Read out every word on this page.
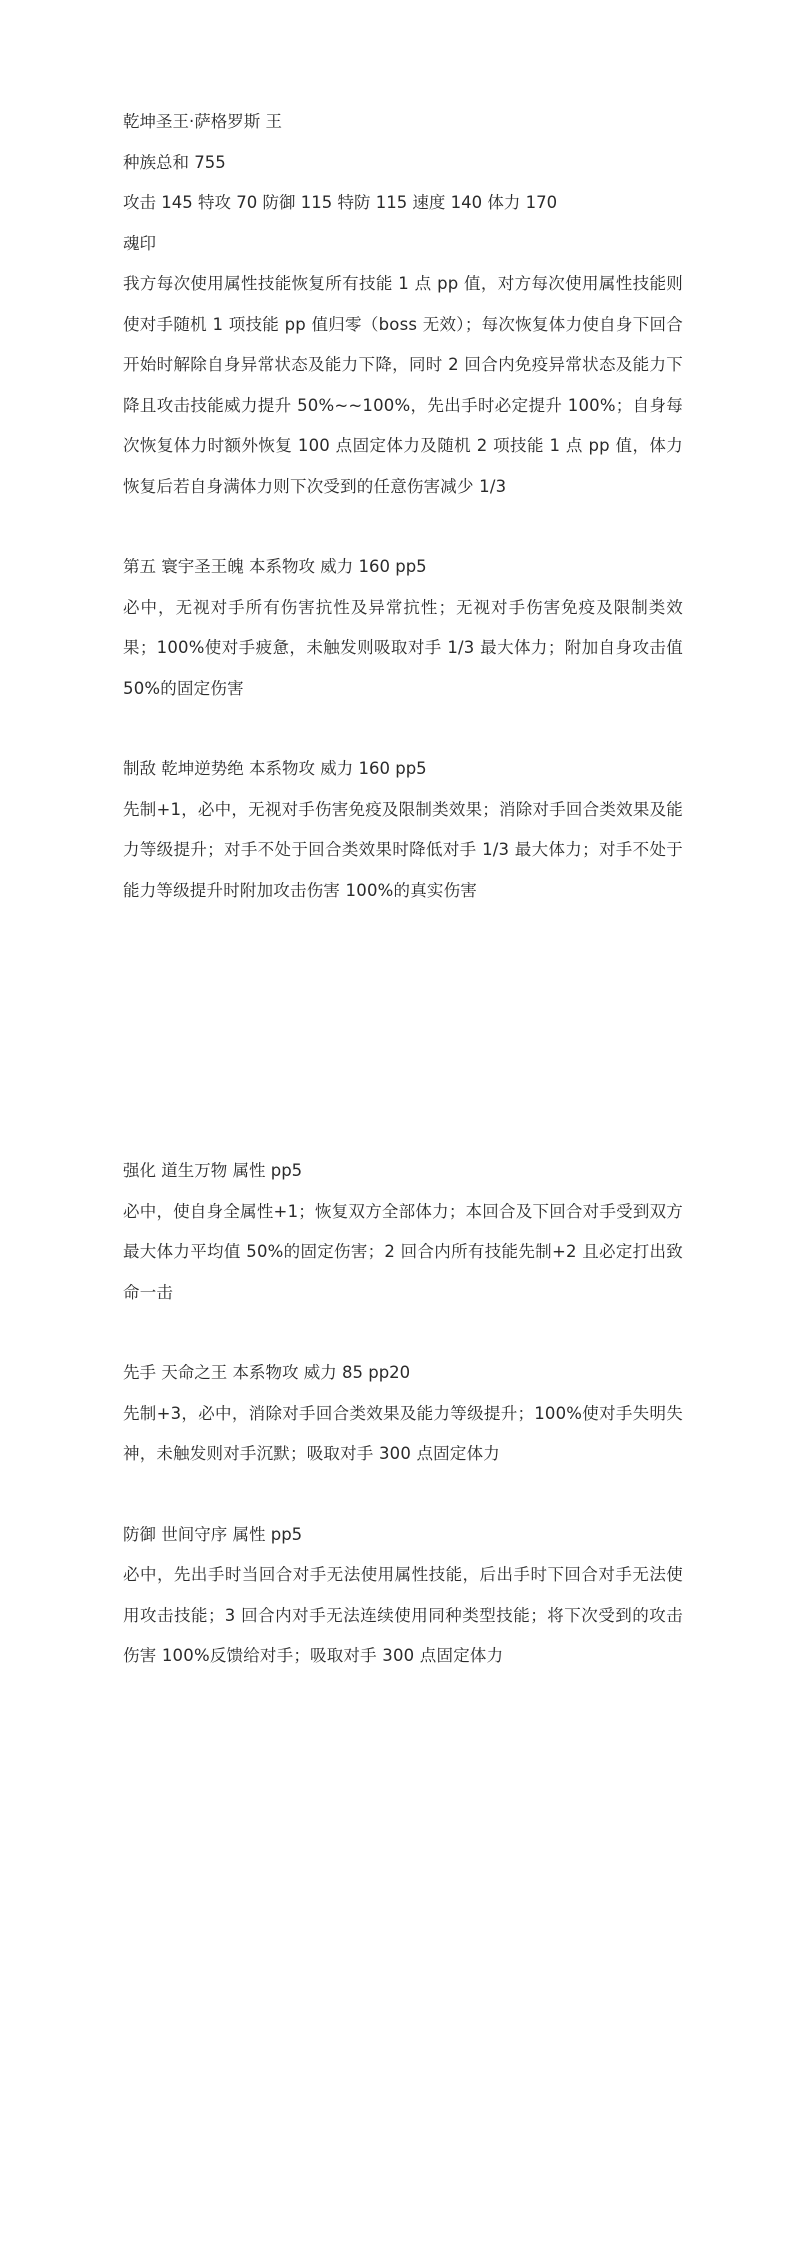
乾坤圣王·萨格罗斯 王

种族总和 755

攻击 145 特攻 70 防御 115 特防 115 速度 140 体力 170

魂印

我方每次使用属性技能恢复所有技能 1 点 pp 值，对方每次使用属性技能则使对手随机 1 项技能 pp 值归零（boss 无效）；每次恢复体力使自身下回合开始时解除自身异常状态及能力下降，同时 2 回合内免疫异常状态及能力下降且攻击技能威力提升 50%~~100%，先出手时必定提升 100%；自身每次恢复体力时额外恢复 100 点固定体力及随机 2 项技能 1 点 pp 值，体力恢复后若自身满体力则下次受到的任意伤害减少 1/3

第五 寰宇圣王魄 本系物攻 威力 160 pp5

必中，无视对手所有伤害抗性及异常抗性；无视对手伤害免疫及限制类效果；100%使对手疲惫，未触发则吸取对手 1/3 最大体力；附加自身攻击值 50%的固定伤害

制敌 乾坤逆势绝 本系物攻 威力 160 pp5

先制+1，必中，无视对手伤害免疫及限制类效果；消除对手回合类效果及能力等级提升；对手不处于回合类效果时降低对手 1/3 最大体力；对手不处于能力等级提升时附加攻击伤害 100%的真实伤害

强化 道生万物 属性 pp5

必中，使自身全属性+1；恢复双方全部体力；本回合及下回合对手受到双方最大体力平均值 50%的固定伤害；2 回合内所有技能先制+2 且必定打出致命一击

先手 天命之王 本系物攻 威力 85 pp20

先制+3，必中，消除对手回合类效果及能力等级提升；100%使对手失明失神，未触发则对手沉默；吸取对手 300 点固定体力

防御 世间守序 属性 pp5

必中，先出手时当回合对手无法使用属性技能，后出手时下回合对手无法使用攻击技能；3 回合内对手无法连续使用同种类型技能；将下次受到的攻击伤害 100%反馈给对手；吸取对手 300 点固定体力
